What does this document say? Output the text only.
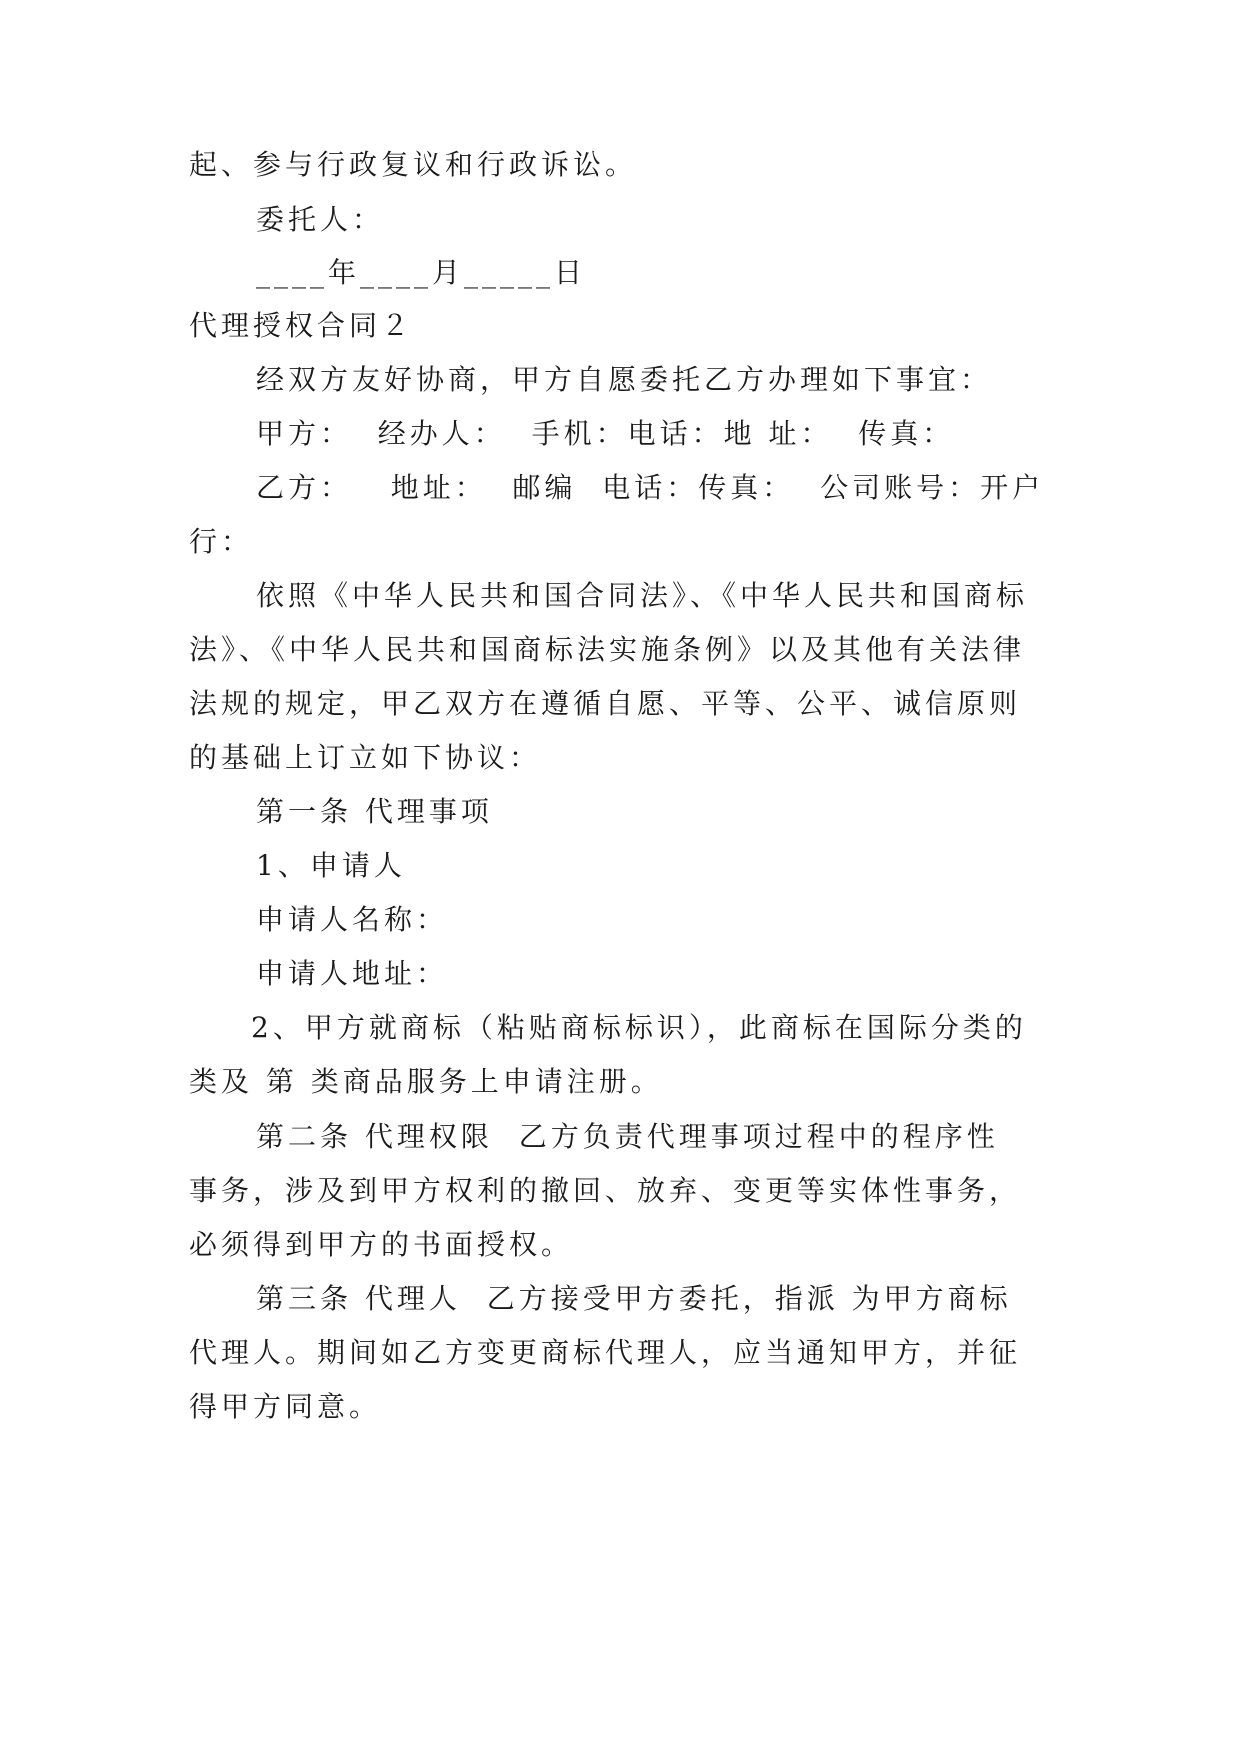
起、参与行政复议和行政诉讼。
委托人：
____年____月_____日
代理授权合同２
经双方友好协商，甲方自愿委托乙方办理如下事宜：
甲方：  经办人：  手机：电话：地 址：  传真：
乙方：   地址：  邮编  电话：传真：  公司账号：开户
行：
依照《中华人民共和国合同法》、《中华人民共和国商标
法》、《中华人民共和国商标法实施条例》以及其他有关法律
法规的规定，甲乙双方在遵循自愿、平等、公平、诚信原则
的基础上订立如下协议：
第一条 代理事项
1、申请人
申请人名称：
申请人地址：
2、甲方就商标（粘贴商标标识），此商标在国际分类的
类及 第 类商品服务上申请注册。
第二条 代理权限  乙方负责代理事项过程中的程序性
事务，涉及到甲方权利的撤回、放弃、变更等实体性事务，
必须得到甲方的书面授权。
第三条 代理人  乙方接受甲方委托，指派 为甲方商标
代理人。期间如乙方变更商标代理人，应当通知甲方，并征
得甲方同意。
